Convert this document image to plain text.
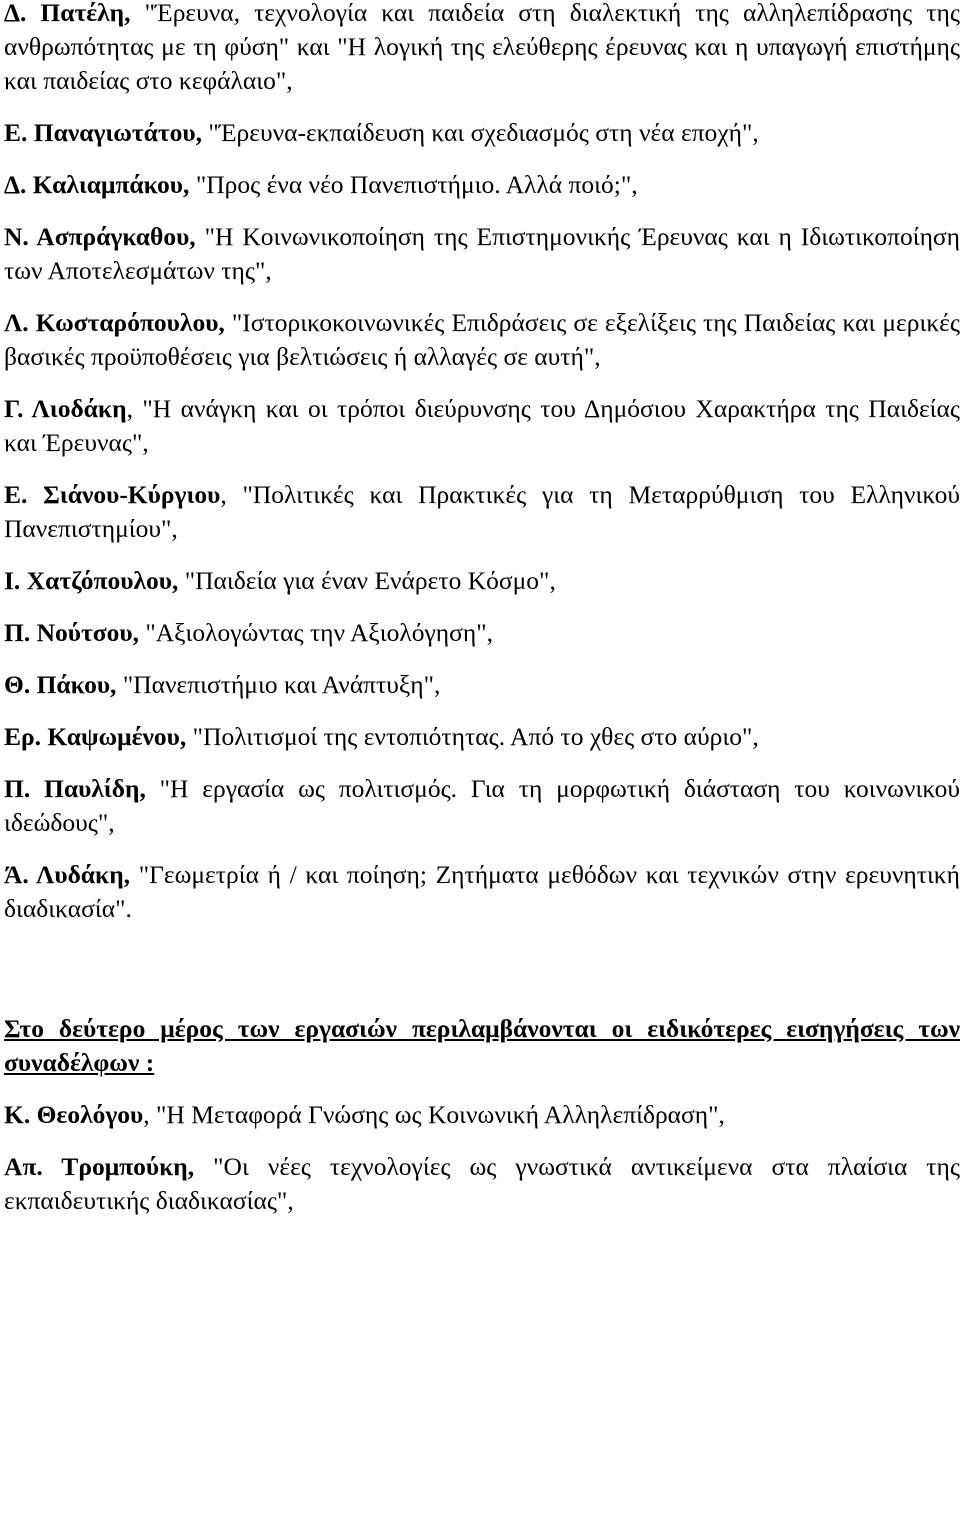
Δ. Πατέλη, "Έρευνα, τεχνολογία και παιδεία στη διαλεκτική της αλληλεπίδρασης της ανθρωπότητας με τη φύση" και "Η λογική της ελεύθερης έρευνας και η υπαγωγή επιστήμης και παιδείας στο κεφάλαιο",

Ε. Παναγιωτάτου, "Έρευνα-εκπαίδευση και σχεδιασμός στη νέα εποχή",

Δ. Καλιαμπάκου, "Προς ένα νέο Πανεπιστήμιο. Αλλά ποιό;",

Ν. Ασπράγκαθου, "Η Κοινωνικοποίηση της Επιστημονικής Έρευνας και η Ιδιωτικοποίηση των Αποτελεσμάτων της",

Λ. Κωσταρόπουλου, "Ιστορικοκοινωνικές Επιδράσεις σε εξελίξεις της Παιδείας και μερικές βασικές προϋποθέσεις για βελτιώσεις ή αλλαγές σε αυτή",

Γ. Λιοδάκη, "Η ανάγκη και οι τρόποι διεύρυνσης του Δημόσιου Χαρακτήρα της Παιδείας και Έρευνας",

Ε. Σιάνου-Κύργιου, "Πολιτικές και Πρακτικές για τη Μεταρρύθμιση του Ελληνικού Πανεπιστημίου",

Ι. Χατζόπουλου, "Παιδεία για έναν Ενάρετο Κόσμο",

Π. Νούτσου, "Αξιολογώντας την Αξιολόγηση",

Θ. Πάκου, "Πανεπιστήμιο και Ανάπτυξη",

Ερ. Καψωμένου, "Πολιτισμοί της εντοπιότητας. Από το χθες στο αύριο",

Π. Παυλίδη, "Η εργασία ως πολιτισμός. Για τη μορφωτική διάσταση του κοινωνικού ιδεώδους",

Ά. Λυδάκη, "Γεωμετρία ή / και ποίηση; Ζητήματα μεθόδων και τεχνικών στην ερευνητική διαδικασία".

Στο δεύτερο μέρος των εργασιών περιλαμβάνονται οι ειδικότερες εισηγήσεις των συναδέλφων :

Κ. Θεολόγου, "Η Μεταφορά Γνώσης ως Κοινωνική Αλληλεπίδραση",

Απ. Τρομπούκη, "Οι νέες τεχνολογίες ως γνωστικά αντικείμενα στα πλαίσια της εκπαιδευτικής διαδικασίας",
